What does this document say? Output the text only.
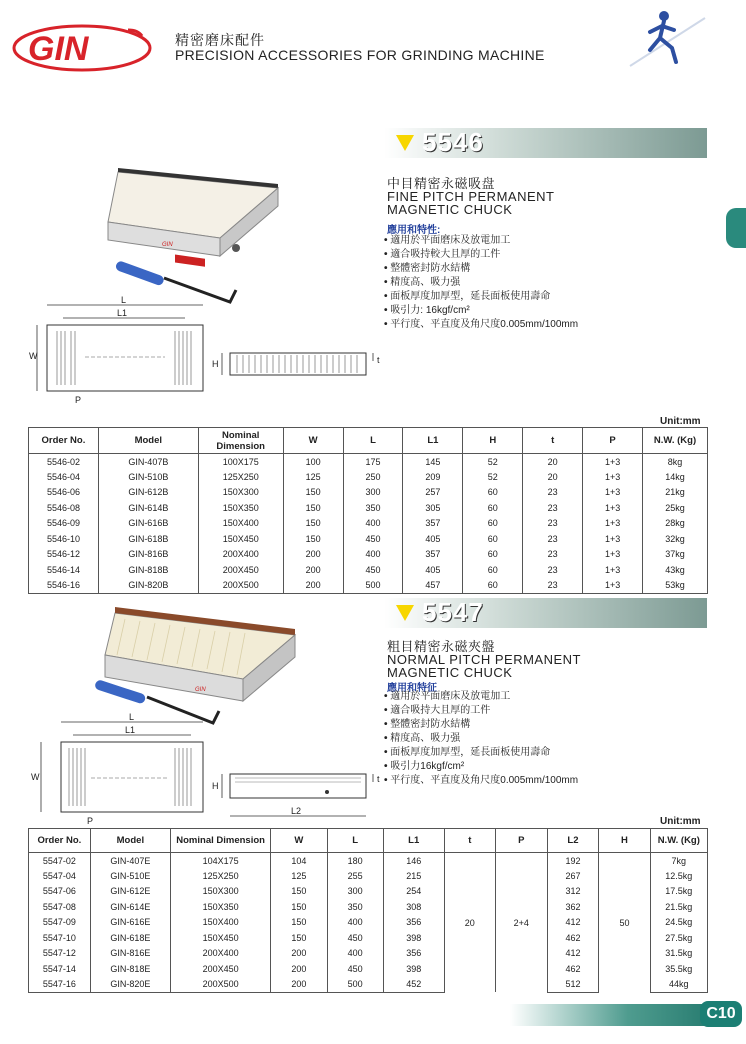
GIN	精密磨床配件
PRECISION ACCESSORIES FOR GRINDING MACHINE
5546
GIN
中目精密永磁吸盘
FINE PITCH PERMANENT
MAGNETIC CHUCK
應用和特性:
• 適用於平面磨床及放電加工
• 適合吸持較大且厚的工件
• 整體密封防水結構
• 精度高、吸力强
• 面板厚度加厚型，延長面板使用壽命
• 吸引力: 16kgf/cm²
• 平行度、平直度及角尺度0.005mm/100mm
L
L1
W
P
H	t
Unit:mm
Order No.	Model	Nominal Dimension	W	L	L1	H	t	P	N.W. (Kg)
5546-02	GIN-407B	100X175	100	175	145	52	20	1+3	8kg
5546-04	GIN-510B	125X250	125	250	209	52	20	1+3	14kg
5546-06	GIN-612B	150X300	150	300	257	60	23	1+3	21kg
5546-08	GIN-614B	150X350	150	350	305	60	23	1+3	25kg
5546-09	GIN-616B	150X400	150	400	357	60	23	1+3	28kg
5546-10	GIN-618B	150X450	150	450	405	60	23	1+3	32kg
5546-12	GIN-816B	200X400	200	400	357	60	23	1+3	37kg
5546-14	GIN-818B	200X450	200	450	405	60	23	1+3	43kg
5546-16	GIN-820B	200X500	200	500	457	60	23	1+3	53kg
5547
GIN
粗目精密永磁夾盤
NORMAL PITCH PERMANENT
MAGNETIC CHUCK
應用和特征
• 適用於平面磨床及放電加工
• 適合吸持大且厚的工件
• 整體密封防水結構
• 精度高、吸力强
• 面板厚度加厚型，延長面板使用壽命
• 吸引力16kgf/cm²
• 平行度、平直度及角尺度0.005mm/100mm
L
L1
W
P
H
t
L2
Unit:mm
Order No.	Model	Nominal Dimension	W	L	L1	t	P	L2	H	N.W. (Kg)
5547-02	GIN-407E	104X175	104	180	146	20	2+4	192	50	7kg
5547-04	GIN-510E	125X250	125	255	215			267		12.5kg
5547-06	GIN-612E	150X300	150	300	254			312		17.5kg
5547-08	GIN-614E	150X350	150	350	308			362		21.5kg
5547-09	GIN-616E	150X400	150	400	356			412		24.5kg
5547-10	GIN-618E	150X450	150	450	398			462		27.5kg
5547-12	GIN-816E	200X400	200	400	356			412		31.5kg
5547-14	GIN-818E	200X450	200	450	398			462		35.5kg
5547-16	GIN-820E	200X500	200	500	452			512		44kg
C10
